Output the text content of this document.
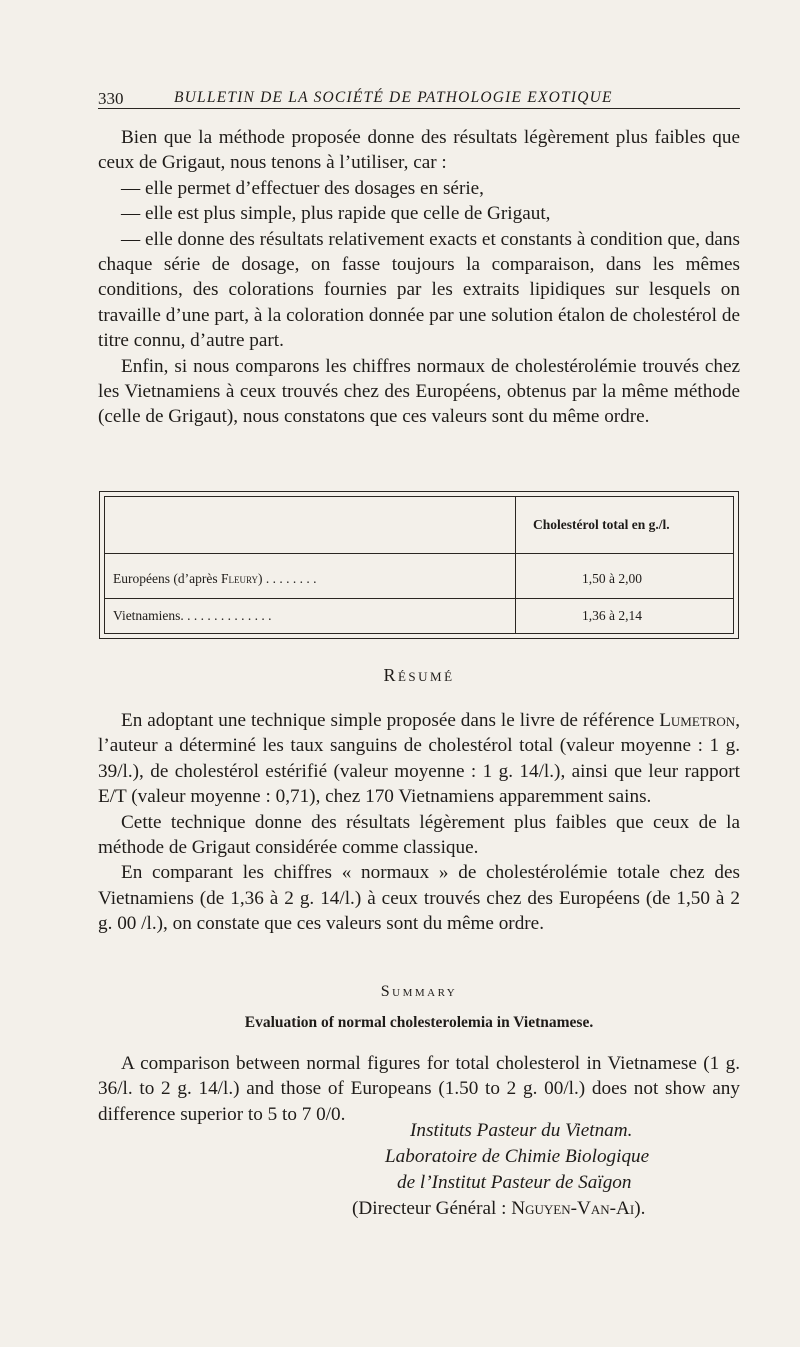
330	BULLETIN DE LA SOCIÉTÉ DE PATHOLOGIE EXOTIQUE

Bien que la méthode proposée donne des résultats légèrement plus faibles que ceux de Grigaut, nous tenons à l’utiliser, car :

— elle permet d’effectuer des dosages en série,

— elle est plus simple, plus rapide que celle de Grigaut,

— elle donne des résultats relativement exacts et constants à condition que, dans chaque série de dosage, on fasse toujours la comparaison, dans les mêmes conditions, des colorations fournies par les extraits lipidiques sur lesquels on travaille d’une part, à la coloration donnée par une solution étalon de cholestérol de titre connu, d’autre part.

Enfin, si nous comparons les chiffres normaux de cholestérolémie trouvés chez les Vietnamiens à ceux trouvés chez des Européens, obtenus par la même méthode (celle de Grigaut), nous constatons que ces valeurs sont du même ordre.

Cholestérol total en g./l.
Européens (d’après Fleury) . . . . . . . .	1,50 à 2,00
Vietnamiens. . . . . . . . . . . . . .	1,36 à 2,14
Résumé

En adoptant une technique simple proposée dans le livre de référence Lumetron, l’auteur a déterminé les taux sanguins de cholestérol total (valeur moyenne : 1 g. 39/l.), de cholestérol estérifié (valeur moyenne : 1 g. 14/l.), ainsi que leur rapport E/T (valeur moyenne : 0,71), chez 170 Vietnamiens apparemment sains.

Cette technique donne des résultats légèrement plus faibles que ceux de la méthode de Grigaut considérée comme classique.

En comparant les chiffres « normaux » de cholestérolémie totale chez des Vietnamiens (de 1,36 à 2 g. 14/l.) à ceux trouvés chez des Européens (de 1,50 à 2 g. 00 /l.), on constate que ces valeurs sont du même ordre.

Summary
Evaluation of normal cholesterolemia in Vietnamese.

A comparison between normal figures for total cholesterol in Vietnamese (1 g. 36/l. to 2 g. 14/l.) and those of Europeans (1.50 to 2 g. 00/l.) does not show any difference superior to 5 to 7 0/0.

Instituts Pasteur du Vietnam.
Laboratoire de Chimie Biologique
de l’Institut Pasteur de Saïgon
(Directeur Général : Nguyen-Van-Ai).
